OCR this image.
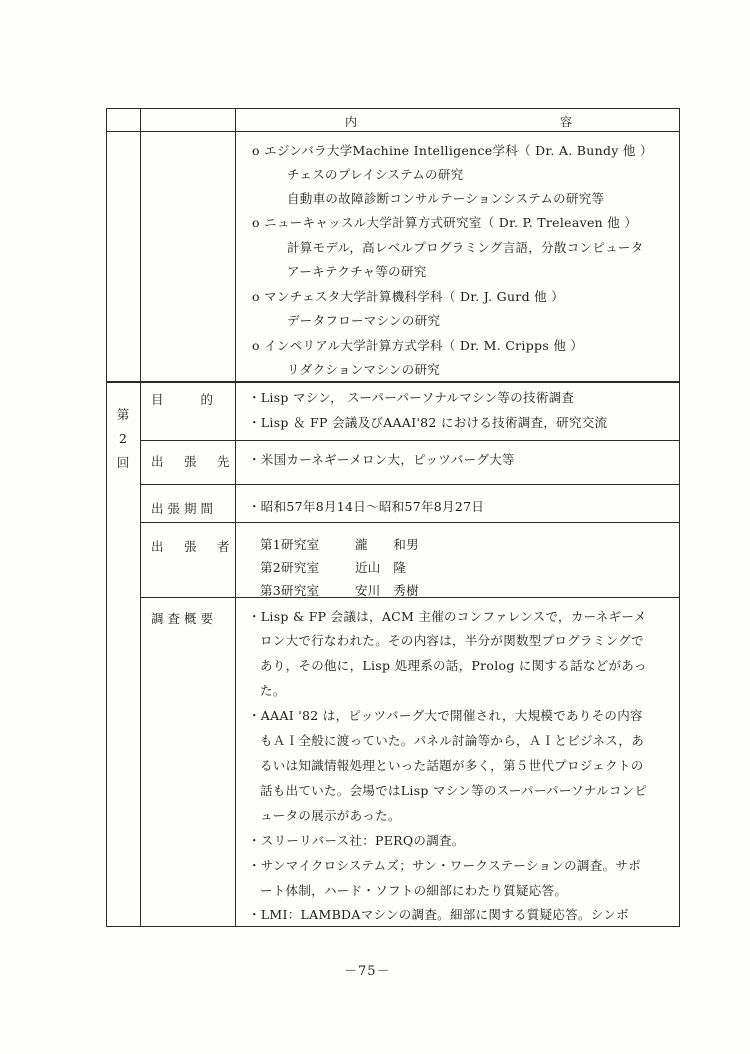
内	容
o エジンバラ大学Machine Intelligence学科（ Dr. A. Bundy 他 ）
チェスのプレイシステムの研究
自動車の故障診断コンサルテーションシステムの研究等
o ニューキャッスル大学計算方式研究室（ Dr. P. Treleaven 他 ）
計算モデル，高レベルプログラミング言語，分散コンピュータ
アーキテクチャ等の研究
o マンチェスタ大学計算機科学科（ Dr. J. Gurd 他 ）
データフローマシンの研究
o インペリアル大学計算方式学科（ Dr. M. Cripps 他 ）
リダクションマシンの研究
第
2
回
目　　的 ・Lisp マシン， スーパーパーソナルマシン等の技術調査
・Lisp ＆ FP 会議及びAAAI'82 における技術調査，研究交流
出　張　先 ・米国カーネギーメロン大，ピッツバーグ大等
出張期間 ・昭和57年8月14日～昭和57年8月27日
出　張　者 第1研究室	瀧　　和男
第2研究室	近山　隆
第3研究室	安川　秀樹
調査概要 ・Lisp & FP 会議は，ACM 主催のコンファレンスで，カーネギーメ
ロン大で行なわれた。その内容は，半分が関数型プログラミングで
あり，その他に，Lisp 処理系の話，Prolog に関する話などがあっ
た。
・AAAI '82 は，ピッツバーグ大で開催され，大規模でありその内容
もＡＩ全般に渡っていた。パネル討論等から，ＡＩとビジネス，あ
るいは知識情報処理といった話題が多く，第５世代プロジェクトの
話も出ていた。会場ではLisp マシン等のスーパーパーソナルコンピ
ュータの展示があった。
・スリーリバース社：PERQの調査。
・サンマイクロシステムズ；サン・ワークステーションの調査。サポ
ート体制，ハード・ソフトの細部にわたり質疑応答。
・LMI：LAMBDAマシンの調査。細部に関する質疑応答。シンボ
－75－
